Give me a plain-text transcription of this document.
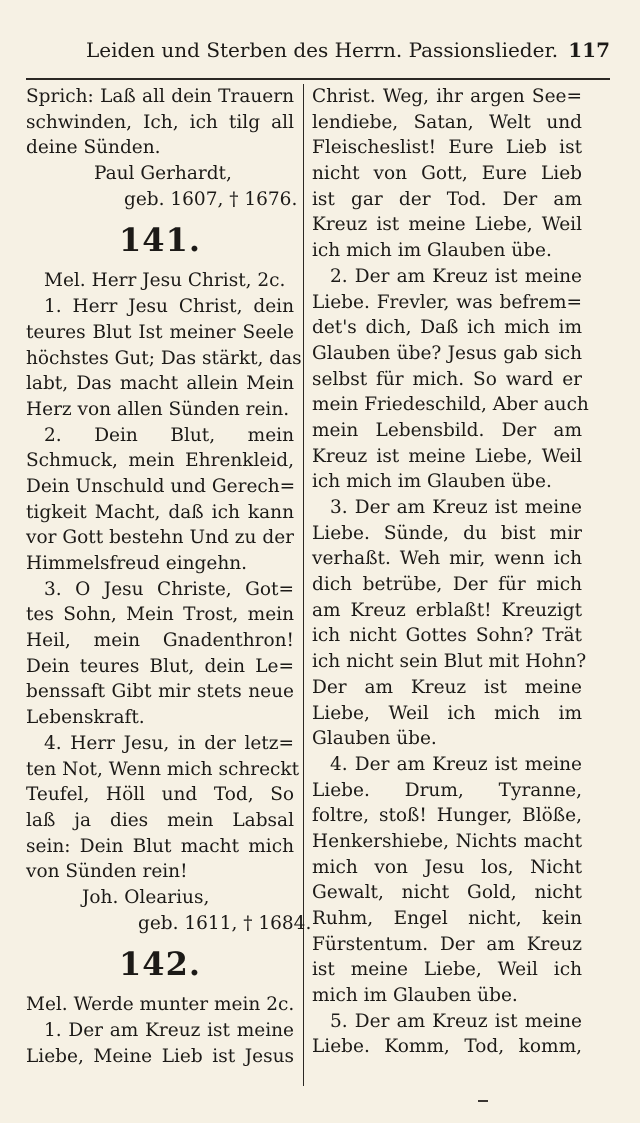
Leiden und Sterben des Herrn. Passionslieder. 117
Sprich: Laß all dein Trauern
schwinden, Ich, ich tilg all
deine Sünden.
Paul Gerhardt,
geb. 1607, † 1676.
141.
Mel. Herr Jesu Christ, 2c.
1. Herr Jesu Christ, dein
teures Blut Ist meiner Seele
höchstes Gut; Das stärkt, das
labt, Das macht allein Mein
Herz von allen Sünden rein.
2. Dein Blut, mein
Schmuck, mein Ehrenkleid,
Dein Unschuld und Gerech=
tigkeit Macht, daß ich kann
vor Gott bestehn Und zu der
Himmelsfreud eingehn.
3. O Jesu Christe, Got=
tes Sohn, Mein Trost, mein
Heil, mein Gnadenthron!
Dein teures Blut, dein Le=
benssaft Gibt mir stets neue
Lebenskraft.
4. Herr Jesu, in der letz=
ten Not, Wenn mich schreckt
Teufel, Höll und Tod, So
laß ja dies mein Labsal
sein: Dein Blut macht mich
von Sünden rein!
Joh. Olearius,
geb. 1611, † 1684.
142.
Mel. Werde munter mein 2c.
1. Der am Kreuz ist meine
Liebe, Meine Lieb ist Jesus
Christ. Weg, ihr argen See=
lendiebe, Satan, Welt und
Fleischeslist! Eure Lieb ist
nicht von Gott, Eure Lieb
ist gar der Tod. Der am
Kreuz ist meine Liebe, Weil
ich mich im Glauben übe.
2. Der am Kreuz ist meine
Liebe. Frevler, was befrem=
det's dich, Daß ich mich im
Glauben übe? Jesus gab sich
selbst für mich. So ward er
mein Friedeschild, Aber auch
mein Lebensbild. Der am
Kreuz ist meine Liebe, Weil
ich mich im Glauben übe.
3. Der am Kreuz ist meine
Liebe. Sünde, du bist mir
verhaßt. Weh mir, wenn ich
dich betrübe, Der für mich
am Kreuz erblaßt! Kreuzigt
ich nicht Gottes Sohn? Trät
ich nicht sein Blut mit Hohn?
Der am Kreuz ist meine
Liebe, Weil ich mich im
Glauben übe.
4. Der am Kreuz ist meine
Liebe. Drum, Tyranne,
foltre, stoß! Hunger, Blöße,
Henkershiebe, Nichts macht
mich von Jesu los, Nicht
Gewalt, nicht Gold, nicht
Ruhm, Engel nicht, kein
Fürstentum. Der am Kreuz
ist meine Liebe, Weil ich
mich im Glauben übe.
5. Der am Kreuz ist meine
Liebe. Komm, Tod, komm,
